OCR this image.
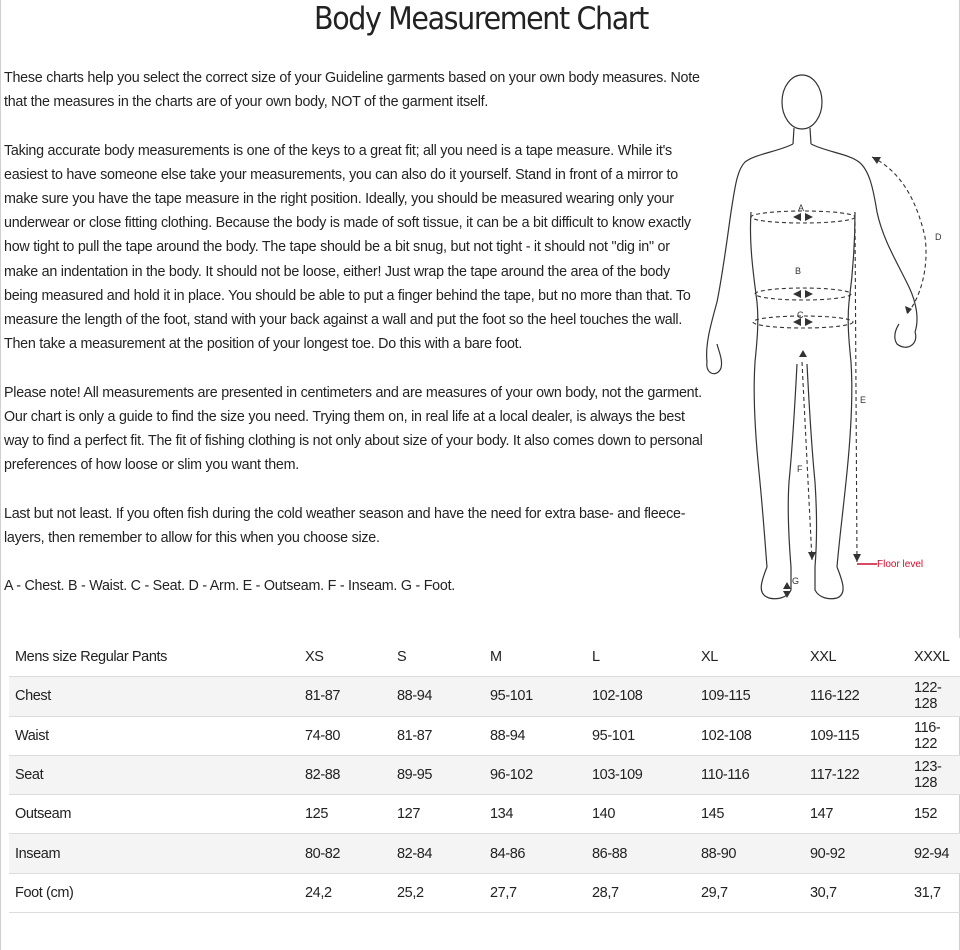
Body Measurement Chart

These charts help you select the correct size of your Guideline garments based on your own body measures. Note that the measures in the charts are of your own body, NOT of the garment itself.

Taking accurate body measurements is one of the keys to a great fit; all you need is a tape measure. While it's easiest to have someone else take your measurements, you can also do it yourself. Stand in front of a mirror to make sure you have the tape measure in the right position. Ideally, you should be measured wearing only your underwear or close fitting clothing. Because the body is made of soft tissue, it can be a bit difficult to know exactly how tight to pull the tape around the body. The tape should be a bit snug, but not tight - it should not "dig in" or make an indentation in the body. It should not be loose, either! Just wrap the tape around the area of the body being measured and hold it in place. You should be able to put a finger behind the tape, but no more than that. To measure the length of the foot, stand with your back against a wall and put the foot so the heel touches the wall. Then take a measurement at the position of your longest toe. Do this with a bare foot.

Please note! All measurements are presented in centimeters and are measures of your own body, not the garment. Our chart is only a guide to find the size you need. Trying them on, in real life at a local dealer, is always the best way to find a perfect fit. The fit of fishing clothing is not only about size of your body. It also comes down to personal preferences of how loose or slim you want them.

Last but not least. If you often fish during the cold weather season and have the need for extra base- and fleece-layers, then remember to allow for this when you choose size.

A - Chest. B - Waist. C - Seat. D - Arm. E - Outseam. F - Inseam. G - Foot.

A
B
C
D
E
F
G
Floor level
Mens size Regular Pants	XS	S	M	L	XL	XXL	XXXL
Chest	81-87	88-94	95-101	102-108	109-115	116-122	122-128
Waist	74-80	81-87	88-94	95-101	102-108	109-115	116-122
Seat	82-88	89-95	96-102	103-109	110-116	117-122	123-128
Outseam	125	127	134	140	145	147	152
Inseam	80-82	82-84	84-86	86-88	88-90	90-92	92-94
Foot (cm)	24,2	25,2	27,7	28,7	29,7	30,7	31,7
